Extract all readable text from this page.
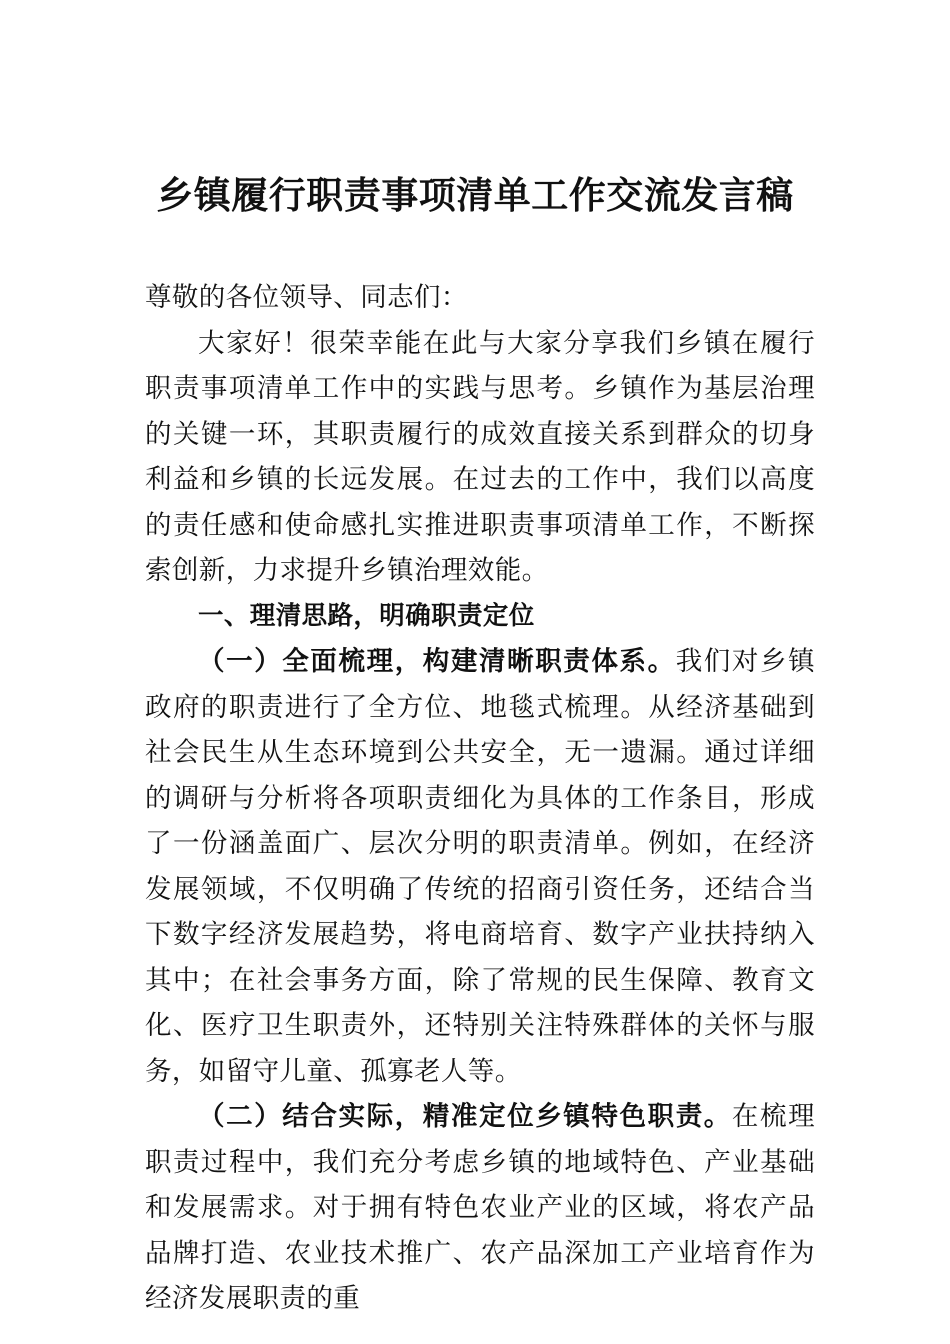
乡镇履行职责事项清单工作交流发言稿

尊敬的各位领导、同志们：

大家好！很荣幸能在此与大家分享我们乡镇在履行职责事项清单工作中的实践与思考。乡镇作为基层治理的关键一环，其职责履行的成效直接关系到群众的切身利益和乡镇的长远发展。在过去的工作中，我们以高度的责任感和使命感扎实推进职责事项清单工作，不断探索创新，力求提升乡镇治理效能。

一、理清思路，明确职责定位

（一）全面梳理，构建清晰职责体系。我们对乡镇政府的职责进行了全方位、地毯式梳理。从经济基础到社会民生从生态环境到公共安全，无一遗漏。通过详细的调研与分析将各项职责细化为具体的工作条目，形成了一份涵盖面广、层次分明的职责清单。例如，在经济发展领域，不仅明确了传统的招商引资任务，还结合当下数字经济发展趋势，将电商培育、数字产业扶持纳入其中；在社会事务方面，除了常规的民生保障、教育文化、医疗卫生职责外，还特别关注特殊群体的关怀与服务，如留守儿童、孤寡老人等。

（二）结合实际，精准定位乡镇特色职责。在梳理职责过程中，我们充分考虑乡镇的地域特色、产业基础和发展需求。对于拥有特色农业产业的区域，将农产品品牌打造、农业技术推广、农产品深加工产业培育作为经济发展职责的重
